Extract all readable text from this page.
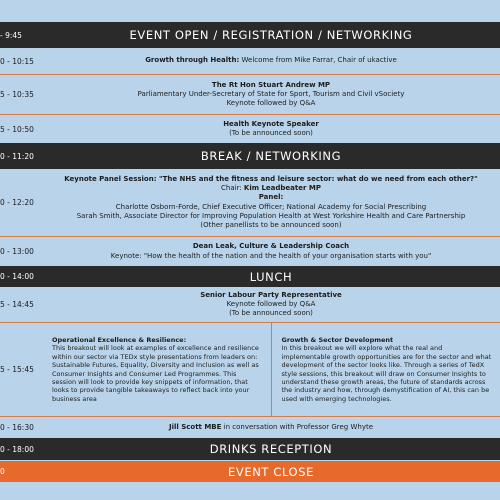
- 9:45	EVENT OPEN / REGISTRATION / NETWORKING
0 - 10:15	Growth through Health: Welcome from Mike Farrar, Chair of ukactive
5 - 10:35
The Rt Hon Stuart Andrew MP
Parliamentary Under-Secretary of State for Sport, Tourism and Civil vSociety
Keynote followed by Q&A
5 - 10:50
Health Keynote Speaker
(To be announced soon)
0 - 11:20	BREAK / NETWORKING
0 - 12:20
Keynote Panel Session: "The NHS and the fitness and leisure sector: what do we need from each other?"
Chair: Kim Leadbeater MP
Panel:
Charlotte Osborn-Forde, Chief Executive Officer; National Academy for Social Prescribing
Sarah Smith, Associate Director for Improving Population Health at West Yorkshire Health and Care Partnership
(Other panellists to be announced soon)
0 - 13:00
Dean Leak, Culture & Leadership Coach
Keynote: "How the health of the nation and the health of your organisation starts with you"
0 - 14:00	LUNCH
5 - 14:45
Senior Labour Party Representative
Keynote followed by Q&A
(To be announced soon)
5 - 15:45
Operational Excellence & Resilience:
This breakout will look at examples of excellence and resilience within our sector via TEDx style presentations from leaders on: Sustainable Futures, Equality, Diversity and Inclusion as well as Consumer Insights and Consumer Led Programmes. This session will look to provide key snippets of information, that looks to provide tangible takeaways to reflect back into your business area
Growth & Sector Development
In this breakout we will explore what the real and implementable growth opportunities are for the sector and what development of the sector looks like. Through a series of TedX style sessions, this breakout will draw on Consumer Insights to understand these growth areas, the future of standards across the industry and how, through demystification of AI, this can be used with emerging technologies.
0 - 16:30	Jill Scott MBE in conversation with Professor Greg Whyte
0 - 18:00	DRINKS RECEPTION
0	EVENT CLOSE
